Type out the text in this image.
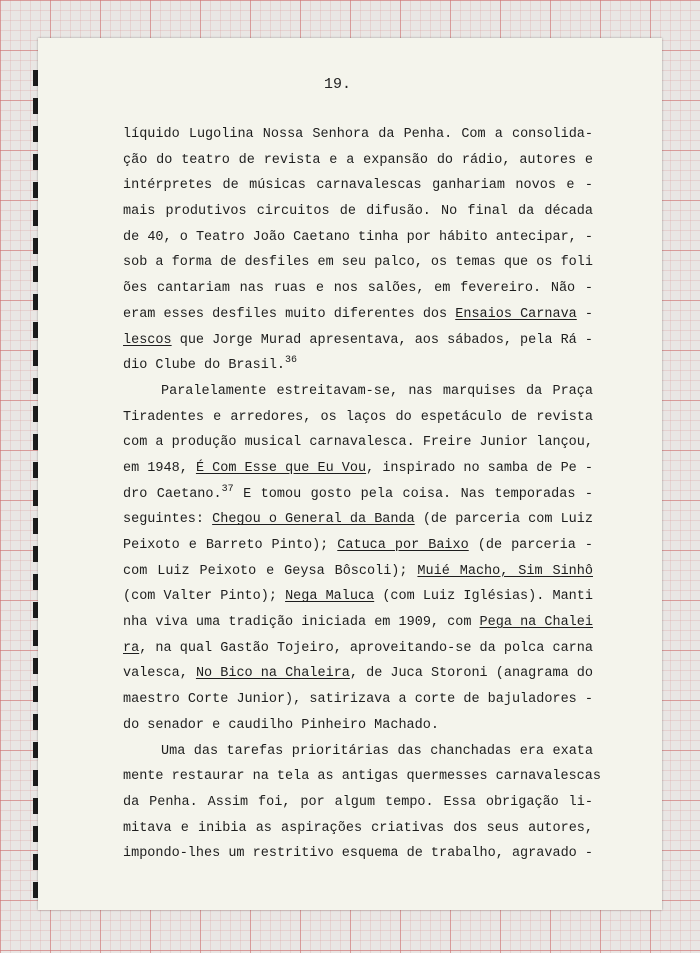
19.
líquido Lugolina Nossa Senhora da Penha. Com a consolida-
ção do teatro de revista e a expansão do rádio, autores e
intérpretes de músicas carnavalescas ganhariam novos e -
mais produtivos circuitos de difusão. No final da década
de 40, o Teatro João Caetano tinha por hábito antecipar, -
sob a forma de desfiles em seu palco, os temas que os foli
ões cantariam nas ruas e nos salões, em fevereiro. Não -
eram esses desfiles muito diferentes dos Ensaios Carnava -
lescos que Jorge Murad apresentava, aos sábados, pela Rá -
dio Clube do Brasil.$^{36}$
Paralelamente estreitavam-se, nas marquises da Praça
Tiradentes e arredores, os laços do espetáculo de revista
com a produção musical carnavalesca. Freire Junior lançou,
em 1948, É Com Esse que Eu Vou, inspirado no samba de Pe -
dro Caetano.$^{37}$ E tomou gosto pela coisa. Nas temporadas -
seguintes: Chegou o General da Banda (de parceria com Luiz
Peixoto e Barreto Pinto); Catuca por Baixo (de parceria -
com Luiz Peixoto e Geysa Bôscoli); Muié Macho, Sim Sinhô
(com Valter Pinto); Nega Maluca (com Luiz Iglésias). Manti
nha viva uma tradição iniciada em 1909, com Pega na Chalei
ra, na qual Gastão Tojeiro, aproveitando-se da polca carna
valesca, No Bico na Chaleira, de Juca Storoni (anagrama do
maestro Corte Junior), satirizava a corte de bajuladores -
do senador e caudilho Pinheiro Machado.
Uma das tarefas prioritárias das chanchadas era exata
mente restaurar na tela as antigas quermesses carnavalescas
da Penha. Assim foi, por algum tempo. Essa obrigação li-
mitava e inibia as aspirações criativas dos seus autores,
impondo-lhes um restritivo esquema de trabalho, agravado -
